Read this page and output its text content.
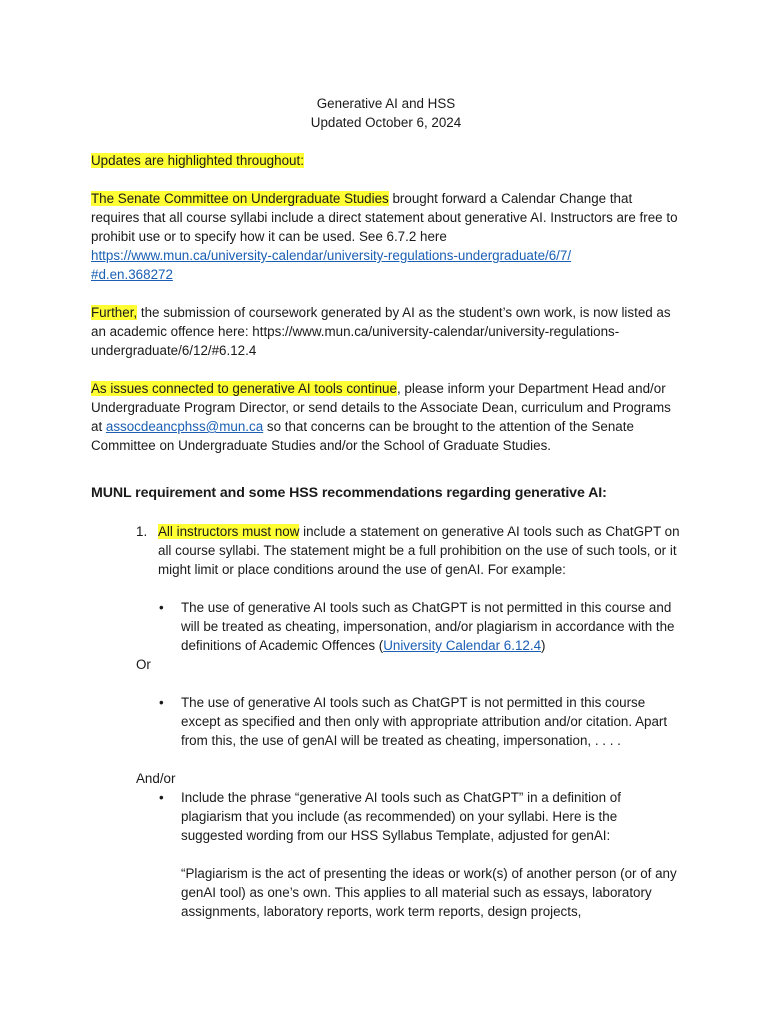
Generative AI and HSS
Updated October 6, 2024

Updates are highlighted throughout:

The Senate Committee on Undergraduate Studies brought forward a Calendar Change that requires that all course syllabi include a direct statement about generative AI. Instructors are free to prohibit use or to specify how it can be used. See 6.7.2 here
https://www.mun.ca/university-calendar/university-regulations-undergraduate/6/7/
#d.en.368272

Further, the submission of coursework generated by AI as the student’s own work, is now listed as an academic offence here: https://www.mun.ca/university-calendar/university-regulations-undergraduate/6/12/#6.12.4

As issues connected to generative AI tools continue, please inform your Department Head and/or Undergraduate Program Director, or send details to the Associate Dean, curriculum and Programs at assocdeancphss@mun.ca so that concerns can be brought to the attention of the Senate Committee on Undergraduate Studies and/or the School of Graduate Studies.

MUNL requirement and some HSS recommendations regarding generative AI:
1. All instructors must now include a statement on generative AI tools such as ChatGPT on all course syllabi. The statement might be a full prohibition on the use of such tools, or it might limit or place conditions around the use of genAI. For example:
• The use of generative AI tools such as ChatGPT is not permitted in this course and will be treated as cheating, impersonation, and/or plagiarism in accordance with the definitions of Academic Offences (University Calendar 6.12.4)
Or
• The use of generative AI tools such as ChatGPT is not permitted in this course except as specified and then only with appropriate attribution and/or citation. Apart from this, the use of genAI will be treated as cheating, impersonation, . . . .
And/or
• Include the phrase “generative AI tools such as ChatGPT” in a definition of plagiarism that you include (as recommended) on your syllabi. Here is the suggested wording from our HSS Syllabus Template, adjusted for genAI:
“Plagiarism is the act of presenting the ideas or work(s) of another person (or of any genAI tool) as one’s own. This applies to all material such as essays, laboratory assignments, laboratory reports, work term reports, design projects,
